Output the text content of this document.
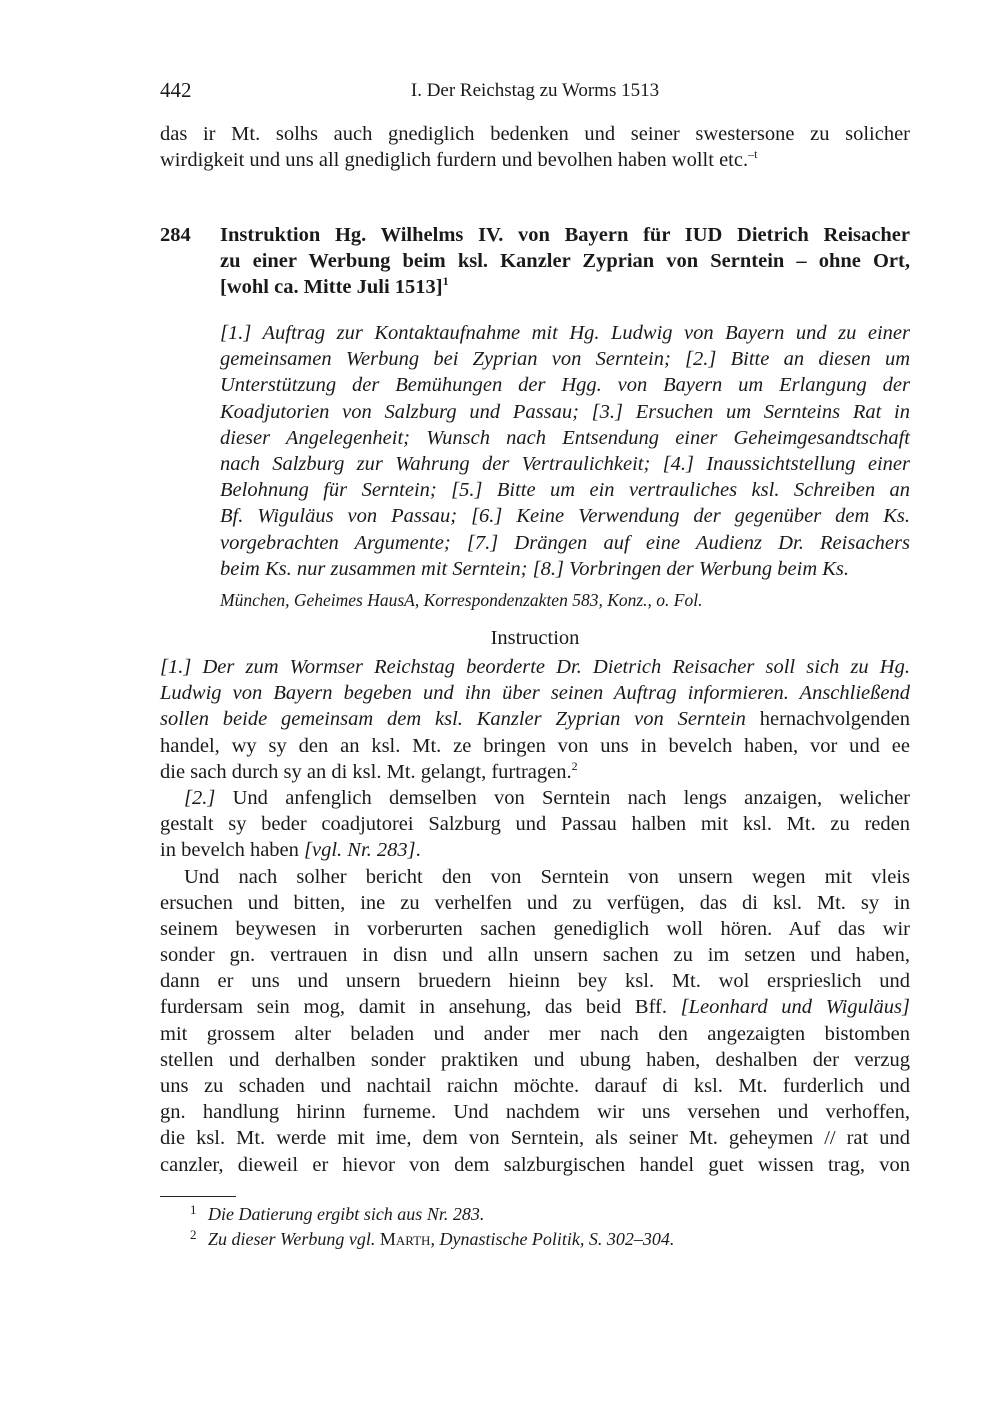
442	I. Der Reichstag zu Worms 1513
das ir Mt. solhs auch gnediglich bedenken und seiner swestersone zu solicher
wirdigkeit und uns all gnediglich furdern und bevolhen haben wollt etc.$^{-t}$
284 Instruktion Hg. Wilhelms IV. von Bayern für IUD Dietrich Reisacher
zu einer Werbung beim ksl. Kanzler Zyprian von Serntein – ohne Ort,
[wohl ca. Mitte Juli 1513]$^1$
[1.] Auftrag zur Kontaktaufnahme mit Hg. Ludwig von Bayern und zu einer
gemeinsamen Werbung bei Zyprian von Serntein; [2.] Bitte an diesen um
Unterstützung der Bemühungen der Hgg. von Bayern um Erlangung der
Koadjutorien von Salzburg und Passau; [3.] Ersuchen um Sernteins Rat in
dieser Angelegenheit; Wunsch nach Entsendung einer Geheimgesandtschaft
nach Salzburg zur Wahrung der Vertraulichkeit; [4.] Inaussichtstellung einer
Belohnung für Serntein; [5.] Bitte um ein vertrauliches ksl. Schreiben an
Bf. Wiguläus von Passau; [6.] Keine Verwendung der gegenüber dem Ks.
vorgebrachten Argumente; [7.] Drängen auf eine Audienz Dr. Reisachers
beim Ks. nur zusammen mit Serntein; [8.] Vorbringen der Werbung beim Ks.
München, Geheimes HausA, Korrespondenzakten 583, Konz., o. Fol.
Instruction
[1.] Der zum Wormser Reichstag beorderte Dr. Dietrich Reisacher soll sich zu Hg.
Ludwig von Bayern begeben und ihn über seinen Auftrag informieren. Anschließend
sollen beide gemeinsam dem ksl. Kanzler Zyprian von Serntein hernachvolgenden
handel, wy sy den an ksl. Mt. ze bringen von uns in bevelch haben, vor und ee
die sach durch sy an di ksl. Mt. gelangt, furtragen.$^2$
[2.] Und anfenglich demselben von Serntein nach lengs anzaigen, welicher
gestalt sy beder coadjutorei Salzburg und Passau halben mit ksl. Mt. zu reden
in bevelch haben [vgl. Nr. 283].
Und nach solher bericht den von Serntein von unsern wegen mit vleis
ersuchen und bitten, ine zu verhelfen und zu verfügen, das di ksl. Mt. sy in
seinem beywesen in vorberurten sachen genediglich woll hören. Auf das wir
sonder gn. vertrauen in disn und alln unsern sachen zu im setzen und haben,
dann er uns und unsern bruedern hieinn bey ksl. Mt. wol ersprieslich und
furdersam sein mog, damit in ansehung, das beid Bff. [Leonhard und Wiguläus]
mit grossem alter beladen und ander mer nach den angezaigten bistomben
stellen und derhalben sonder praktiken und ubung haben, deshalben der verzug
uns zu schaden und nachtail raichn möchte. darauf di ksl. Mt. furderlich und
gn. handlung hirinn furneme. Und nachdem wir uns versehen und verhoffen,
die ksl. Mt. werde mit ime, dem von Serntein, als seiner Mt. geheymen // rat und
canzler, dieweil er hievor von dem salzburgischen handel guet wissen trag, von
1 Die Datierung ergibt sich aus Nr. 283.
2 Zu dieser Werbung vgl. Marth, Dynastische Politik, S. 302–304.
